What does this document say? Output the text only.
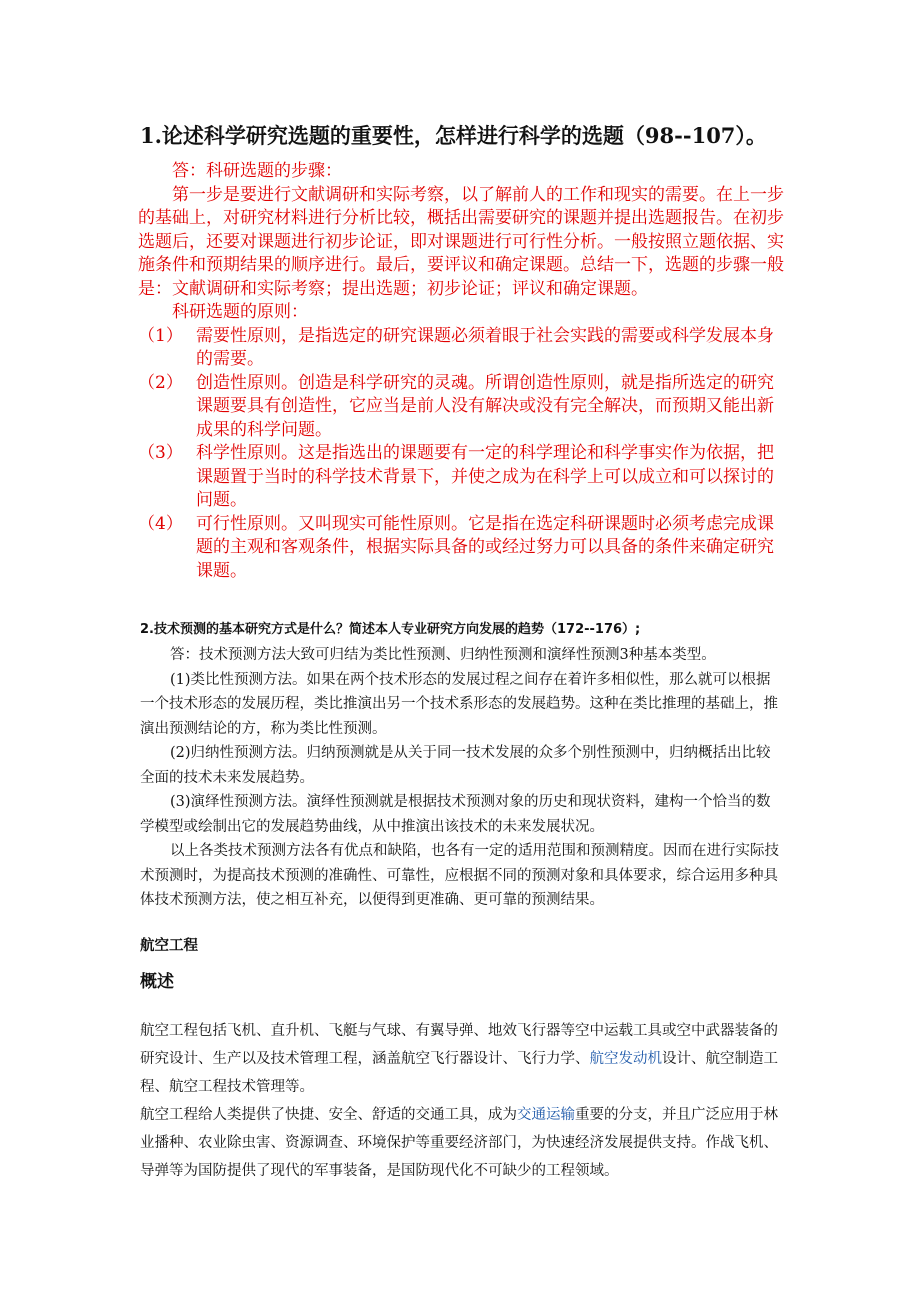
1.论述科学研究选题的重要性，怎样进行科学的选题（98--107）。

答：科研选题的步骤：

第一步是要进行文献调研和实际考察，以了解前人的工作和现实的需要。在上一步的基础上，对研究材料进行分析比较，概括出需要研究的课题并提出选题报告。在初步选题后，还要对课题进行初步论证，即对课题进行可行性分析。一般按照立题依据、实施条件和预期结果的顺序进行。最后，要评议和确定课题。总结一下，选题的步骤一般是：文献调研和实际考察；提出选题；初步论证；评议和确定课题。

科研选题的原则：

（1） 需要性原则，是指选定的研究课题必须着眼于社会实践的需要或科学发展本身的需要。
（2） 创造性原则。创造是科学研究的灵魂。所谓创造性原则，就是指所选定的研究课题要具有创造性，它应当是前人没有解决或没有完全解决，而预期又能出新成果的科学问题。
（3） 科学性原则。这是指选出的课题要有一定的科学理论和科学事实作为依据，把课题置于当时的科学技术背景下，并使之成为在科学上可以成立和可以探讨的问题。
（4） 可行性原则。又叫现实可能性原则。它是指在选定科研课题时必须考虑完成课题的主观和客观条件，根据实际具备的或经过努力可以具备的条件来确定研究课题。
2.技术预测的基本研究方式是什么？简述本人专业研究方向发展的趋势（172--176）;

答：技术预测方法大致可归结为类比性预测、归纳性预测和演绎性预测3种基本类型。

(1)类比性预测方法。如果在两个技术形态的发展过程之间存在着许多相似性，那么就可以根据一个技术形态的发展历程，类比推演出另一个技术系形态的发展趋势。这种在类比推理的基础上，推演出预测结论的方，称为类比性预测。

(2)归纳性预测方法。归纳预测就是从关于同一技术发展的众多个别性预测中，归纳概括出比较全面的技术未来发展趋势。

(3)演绎性预测方法。演绎性预测就是根据技术预测对象的历史和现状资料，建构一个恰当的数学模型或绘制出它的发展趋势曲线，从中推演出该技术的未来发展状况。

以上各类技术预测方法各有优点和缺陷，也各有一定的适用范围和预测精度。因而在进行实际技术预测时，为提高技术预测的准确性、可靠性，应根据不同的预测对象和具体要求，综合运用多种具体技术预测方法，使之相互补充，以便得到更准确、更可靠的预测结果。

航空工程
概述

航空工程包括飞机、直升机、飞艇与气球、有翼导弹、地效飞行器等空中运载工具或空中武器装备的研究设计、生产以及技术管理工程，涵盖航空飞行器设计、飞行力学、航空发动机设计、航空制造工程、航空工程技术管理等。

航空工程给人类提供了快捷、安全、舒适的交通工具，成为交通运输重要的分支，并且广泛应用于林业播种、农业除虫害、资源调查、环境保护等重要经济部门，为快速经济发展提供支持。作战飞机、导弹等为国防提供了现代的军事装备，是国防现代化不可缺少的工程领域。
